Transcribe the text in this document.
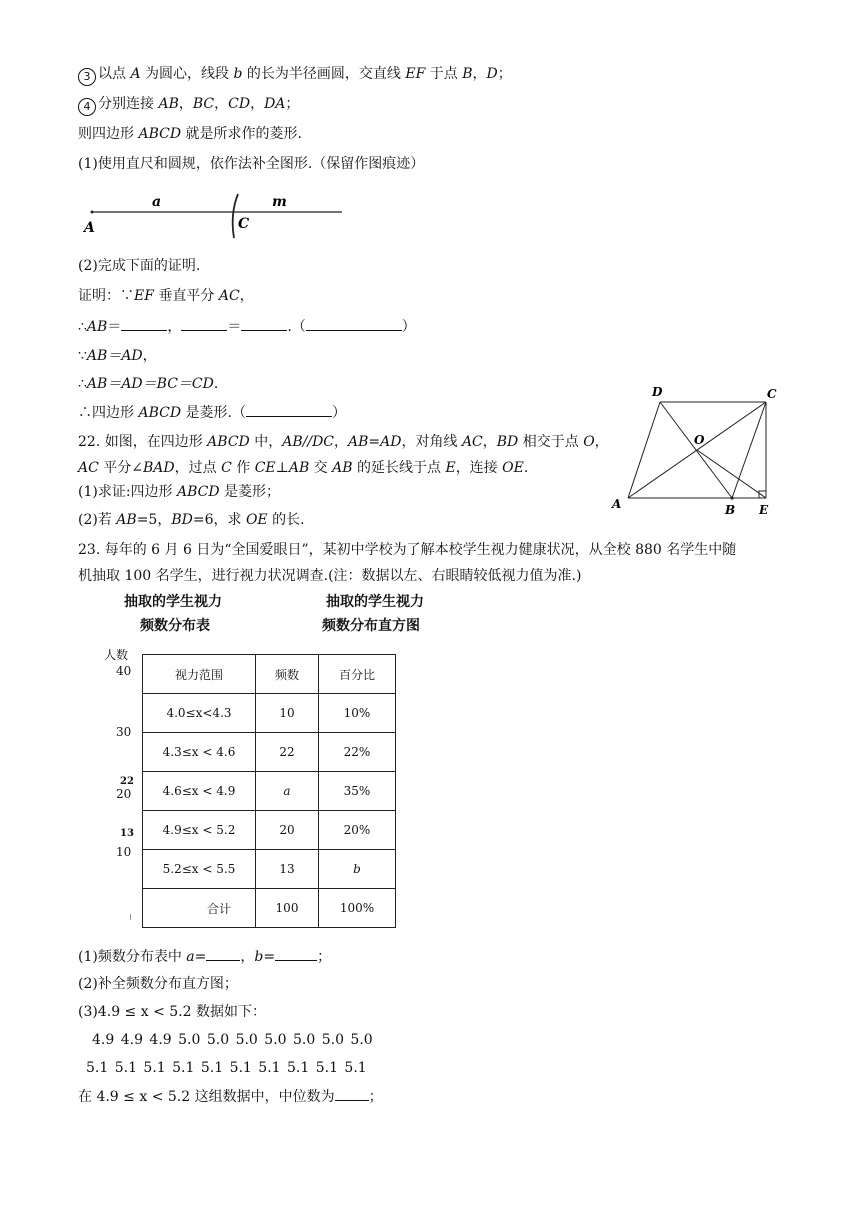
3 以点 A 为圆心，线段 b 的长为半径画圆，交直线 EF 于点 B，D；
4 分别连接 AB，BC，CD，DA；
则四边形 ABCD 就是所求作的菱形.
(1)使用直尺和圆规，依作法补全图形.（保留作图痕迹）
a	m
A	C
(2)完成下面的证明.
证明：∵EF 垂直平分 AC，
∴AB＝	，	＝	.（	）
∵AB＝AD，
∴AB＝AD＝BC＝CD.
∴四边形 ABCD 是菱形.（	）
22. 如图，在四边形 ABCD 中，AB//DC，AB=AD，对角线 AC，BD 相交于点 O，
AC 平分∠BAD，过点 C 作 CE⊥AB 交 AB 的延长线于点 E，连接 OE.
(1)求证:四边形 ABCD 是菱形；
(2)若 AB=5，BD=6，求 OE 的长.
D	C
O
A	B E
23. 每年的 6 月 6 日为“全国爱眼日”，某初中学校为了解本校学生视力健康状况，从全校 880 名学生中随
机抽取 100 名学生，进行视力状况调查.(注：数据以左、右眼睛较低视力值为准.)
抽取的学生视力
频数分布表
抽取的学生视力
频数分布直方图
人数
40
30
22
20
13
10
视力范围	频数	百分比
4.0≤x<4.3	10	10%
4.3≤x < 4.6	22	22%
4.6≤x < 4.9	a	35%
4.9≤x < 5.2	20	20%
5.2≤x < 5.5	13	b
合计	100	100%
(1)频数分布表中 a= ，b=	；
(2)补全频数分布直方图；
(3)4.9 ≤ x < 5.2 数据如下：
4.9 4.9 4.9 5.0 5.0 5.0 5.0 5.0 5.0 5.0
5.1 5.1 5.1 5.1 5.1 5.1 5.1 5.1 5.1 5.1
在 4.9 ≤ x < 5.2 这组数据中，中位数为 ；
